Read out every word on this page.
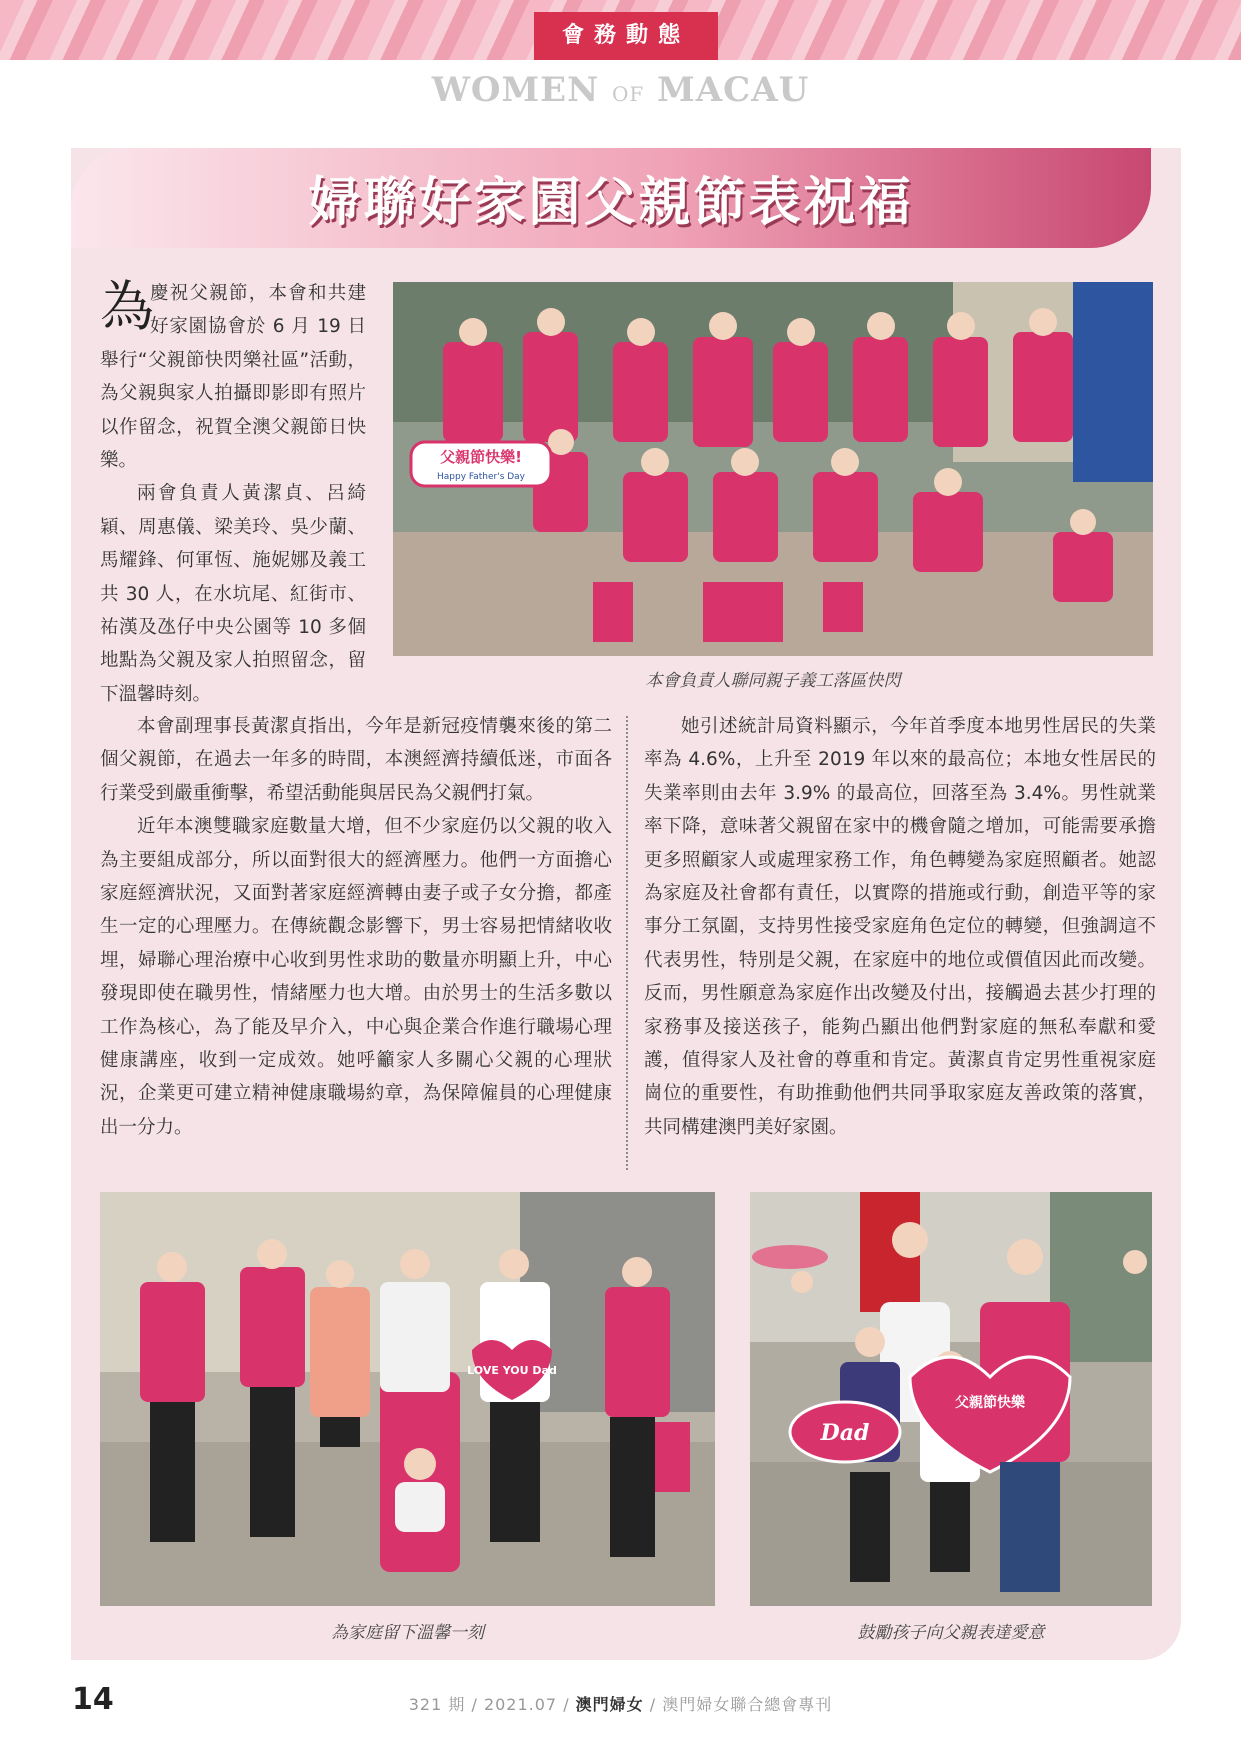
會務動態
WOMEN OF MACAU
婦聯好家園父親節表祝福
為

慶祝父親節，本會和共建好家園協會於 6 月 19 日舉行“父親節快閃樂社區”活動，為父親與家人拍攝即影即有照片以作留念，祝賀全澳父親節日快樂。

兩會負責人黃潔貞、呂綺穎、周惠儀、梁美玲、吳少蘭、馬耀鋒、何軍恆、施妮娜及義工共 30 人，在水坑尾、紅街市、祐漢及氹仔中央公園等 10 多個地點為父親及家人拍照留念，留下溫馨時刻。

父親節快樂!
Happy Father's Day
本會負責人聯同親子義工落區快閃

本會副理事長黃潔貞指出，今年是新冠疫情襲來後的第二個父親節，在過去一年多的時間，本澳經濟持續低迷，市面各行業受到嚴重衝擊，希望活動能與居民為父親們打氣。

近年本澳雙職家庭數量大增，但不少家庭仍以父親的收入為主要組成部分，所以面對很大的經濟壓力。他們一方面擔心家庭經濟狀況，又面對著家庭經濟轉由妻子或子女分擔，都產生一定的心理壓力。在傳統觀念影響下，男士容易把情緒收收埋，婦聯心理治療中心收到男性求助的數量亦明顯上升，中心發現即使在職男性，情緒壓力也大增。由於男士的生活多數以工作為核心，為了能及早介入，中心與企業合作進行職場心理健康講座，收到一定成效。她呼籲家人多關心父親的心理狀況，企業更可建立精神健康職場約章，為保障僱員的心理健康出一分力。

她引述統計局資料顯示，今年首季度本地男性居民的失業率為 4.6%，上升至 2019 年以來的最高位；本地女性居民的失業率則由去年 3.9% 的最高位，回落至為 3.4%。男性就業率下降，意味著父親留在家中的機會隨之增加，可能需要承擔更多照顧家人或處理家務工作，角色轉變為家庭照顧者。她認為家庭及社會都有責任，以實際的措施或行動，創造平等的家事分工氛圍，支持男性接受家庭角色定位的轉變，但強調這不代表男性，特別是父親，在家庭中的地位或價值因此而改變。反而，男性願意為家庭作出改變及付出，接觸過去甚少打理的家務事及接送孩子，能夠凸顯出他們對家庭的無私奉獻和愛護，值得家人及社會的尊重和肯定。黃潔貞肯定男性重視家庭崗位的重要性，有助推動他們共同爭取家庭友善政策的落實，共同構建澳門美好家園。

LOVE YOU Dad
為家庭留下溫馨一刻
父親節快樂
Dad
鼓勵孩子向父親表達愛意
14	321 期 / 2021.07 / 澳門婦女 / 澳門婦女聯合總會專刊
